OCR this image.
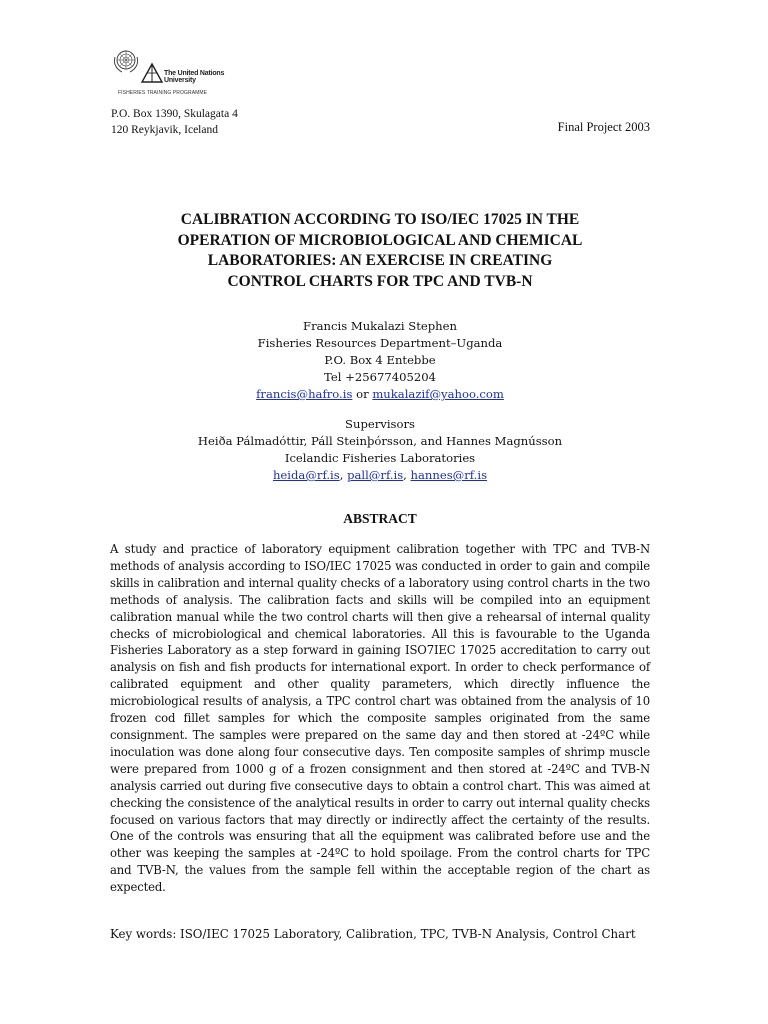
The United Nations
University
FISHERIES TRAINING PROGRAMME
P.O. Box 1390, Skulagata 4
120 Reykjavik, Iceland	Final Project 2003
CALIBRATION ACCORDING TO ISO/IEC 17025 IN THE
OPERATION OF MICROBIOLOGICAL AND CHEMICAL
LABORATORIES: AN EXERCISE IN CREATING
CONTROL CHARTS FOR TPC AND TVB-N
Francis Mukalazi Stephen
Fisheries Resources Department–Uganda
P.O. Box 4 Entebbe
Tel +25677405204
francis@hafro.is or mukalazif@yahoo.com
Supervisors
Heiða Pálmadóttir, Páll Steinþórsson, and Hannes Magnússon
Icelandic Fisheries Laboratories
heida@rf.is, pall@rf.is, hannes@rf.is
ABSTRACT
A study and practice of laboratory equipment calibration together with TPC and TVB-N methods of analysis according to ISO/IEC 17025 was conducted in order to gain and compile skills in calibration and internal quality checks of a laboratory using control charts in the two methods of analysis. The calibration facts and skills will be compiled into an equipment calibration manual while the two control charts will then give a rehearsal of internal quality checks of microbiological and chemical laboratories. All this is favourable to the Uganda Fisheries Laboratory as a step forward in gaining ISO7IEC 17025 accreditation to carry out analysis on fish and fish products for international export. In order to check performance of calibrated equipment and other quality parameters, which directly influence the microbiological results of analysis, a TPC control chart was obtained from the analysis of 10 frozen cod fillet samples for which the composite samples originated from the same consignment. The samples were prepared on the same day and then stored at -24ºC while inoculation was done along four consecutive days. Ten composite samples of shrimp muscle were prepared from 1000 g of a frozen consignment and then stored at -24ºC and TVB-N analysis carried out during five consecutive days to obtain a control chart. This was aimed at checking the consistence of the analytical results in order to carry out internal quality checks focused on various factors that may directly or indirectly affect the certainty of the results. One of the controls was ensuring that all the equipment was calibrated before use and the other was keeping the samples at -24ºC to hold spoilage. From the control charts for TPC and TVB-N, the values from the sample fell within the acceptable region of the chart as expected.
Key words: ISO/IEC 17025 Laboratory, Calibration, TPC, TVB-N Analysis, Control Chart
